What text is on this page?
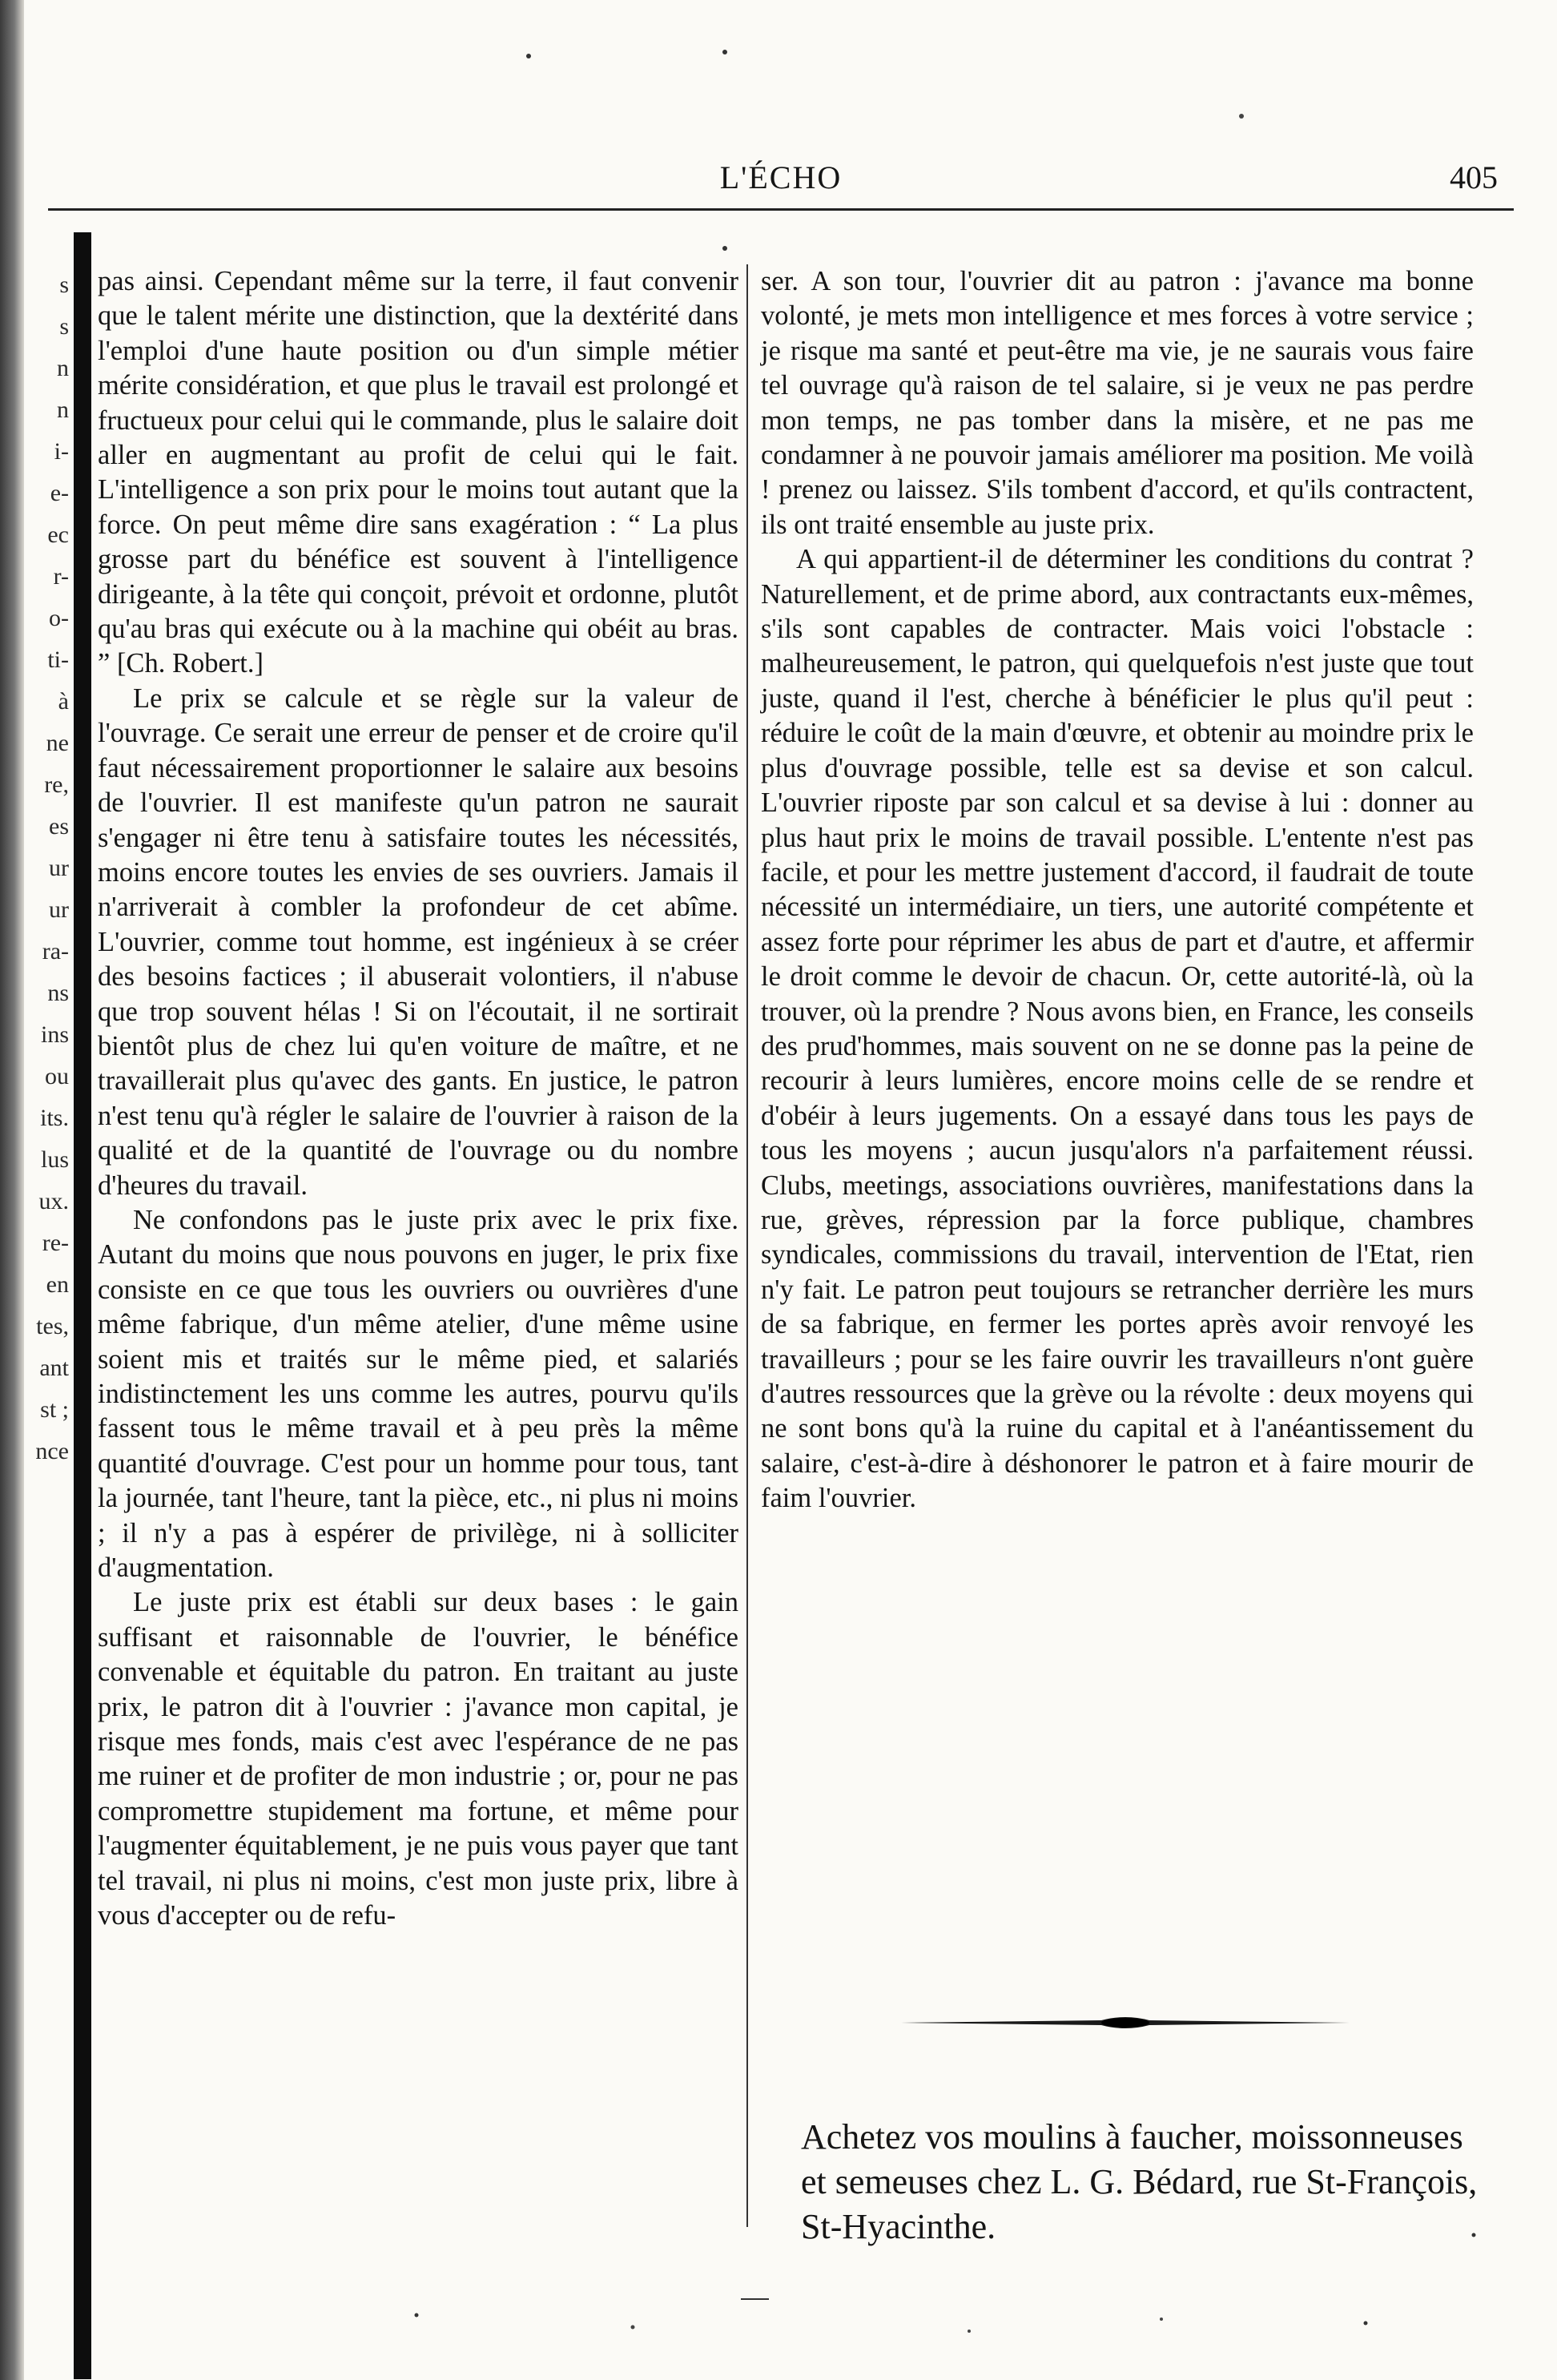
s
s
n
n
i-
e-
ec
r-
o-
ti-
à
ne
re,
es
ur
ur
ra-
ns
ins
ou
its.
lus
ux.
re-
en
tes,
ant
st ;
nce
L'ÉCHO	405

pas ainsi. Cependant même sur la terre, il faut convenir que le talent mérite une distinction, que la dextérité dans l'emploi d'une haute position ou d'un simple métier mérite considération, et que plus le travail est prolongé et fructueux pour celui qui le commande, plus le salaire doit aller en augmentant au profit de celui qui le fait. L'intelligence a son prix pour le moins tout autant que la force. On peut même dire sans exagération : “ La plus grosse part du bénéfice est souvent à l'intelligence dirigeante, à la tête qui conçoit, prévoit et ordonne, plutôt qu'au bras qui exécute ou à la machine qui obéit au bras. ” [Ch. Robert.]

Le prix se calcule et se règle sur la valeur de l'ouvrage. Ce serait une erreur de penser et de croire qu'il faut nécessairement proportionner le salaire aux besoins de l'ouvrier. Il est manifeste qu'un patron ne saurait s'engager ni être tenu à satisfaire toutes les nécessités, moins encore toutes les envies de ses ouvriers. Jamais il n'arriverait à combler la profondeur de cet abîme. L'ouvrier, comme tout homme, est ingénieux à se créer des besoins factices ; il abuserait volontiers, il n'abuse que trop souvent hélas ! Si on l'écoutait, il ne sortirait bientôt plus de chez lui qu'en voiture de maître, et ne travaillerait plus qu'avec des gants. En justice, le patron n'est tenu qu'à régler le salaire de l'ouvrier à raison de la qualité et de la quantité de l'ouvrage ou du nombre d'heures du travail.

Ne confondons pas le juste prix avec le prix fixe. Autant du moins que nous pouvons en juger, le prix fixe consiste en ce que tous les ouvriers ou ouvrières d'une même fabrique, d'un même atelier, d'une même usine soient mis et traités sur le même pied, et salariés indistinctement les uns comme les autres, pourvu qu'ils fassent tous le même travail et à peu près la même quantité d'ouvrage. C'est pour un homme pour tous, tant la journée, tant l'heure, tant la pièce, etc., ni plus ni moins ; il n'y a pas à espérer de privilège, ni à solliciter d'augmentation.

Le juste prix est établi sur deux bases : le gain suffisant et raisonnable de l'ouvrier, le bénéfice convenable et équitable du patron. En traitant au juste prix, le patron dit à l'ouvrier : j'avance mon capital, je risque mes fonds, mais c'est avec l'espérance de ne pas me ruiner et de profiter de mon industrie ; or, pour ne pas compromettre stupidement ma fortune, et même pour l'augmenter équitablement, je ne puis vous payer que tant tel travail, ni plus ni moins, c'est mon juste prix, libre à vous d'accepter ou de refu-

ser. A son tour, l'ouvrier dit au patron : j'avance ma bonne volonté, je mets mon intelligence et mes forces à votre service ; je risque ma santé et peut-être ma vie, je ne saurais vous faire tel ouvrage qu'à raison de tel salaire, si je veux ne pas perdre mon temps, ne pas tomber dans la misère, et ne pas me condamner à ne pouvoir jamais améliorer ma position. Me voilà ! prenez ou laissez. S'ils tombent d'accord, et qu'ils contractent, ils ont traité ensemble au juste prix.

A qui appartient-il de déterminer les conditions du contrat ? Naturellement, et de prime abord, aux contractants eux-mêmes, s'ils sont capables de contracter. Mais voici l'obstacle : malheureusement, le patron, qui quelquefois n'est juste que tout juste, quand il l'est, cherche à bénéficier le plus qu'il peut : réduire le coût de la main d'œuvre, et obtenir au moindre prix le plus d'ouvrage possible, telle est sa devise et son calcul. L'ouvrier riposte par son calcul et sa devise à lui : donner au plus haut prix le moins de travail possible. L'entente n'est pas facile, et pour les mettre justement d'accord, il faudrait de toute nécessité un intermédiaire, un tiers, une autorité compétente et assez forte pour réprimer les abus de part et d'autre, et affermir le droit comme le devoir de chacun. Or, cette autorité-là, où la trouver, où la prendre ? Nous avons bien, en France, les conseils des prud'hommes, mais souvent on ne se donne pas la peine de recourir à leurs lumières, encore moins celle de se rendre et d'obéir à leurs jugements. On a essayé dans tous les pays de tous les moyens ; aucun jusqu'alors n'a parfaitement réussi. Clubs, meetings, associations ouvrières, manifestations dans la rue, grèves, répression par la force publique, chambres syndicales, commissions du travail, intervention de l'Etat, rien n'y fait. Le patron peut toujours se retrancher derrière les murs de sa fabrique, en fermer les portes après avoir renvoyé les travailleurs ; pour se les faire ouvrir les travailleurs n'ont guère d'autres ressources que la grève ou la révolte : deux moyens qui ne sont bons qu'à la ruine du capital et à l'anéantissement du salaire, c'est-à-dire à déshonorer le patron et à faire mourir de faim l'ouvrier.

Achetez vos moulins à faucher, moissonneuses et semeuses chez L. G. Bédard, rue St-François, St-Hyacinthe.
